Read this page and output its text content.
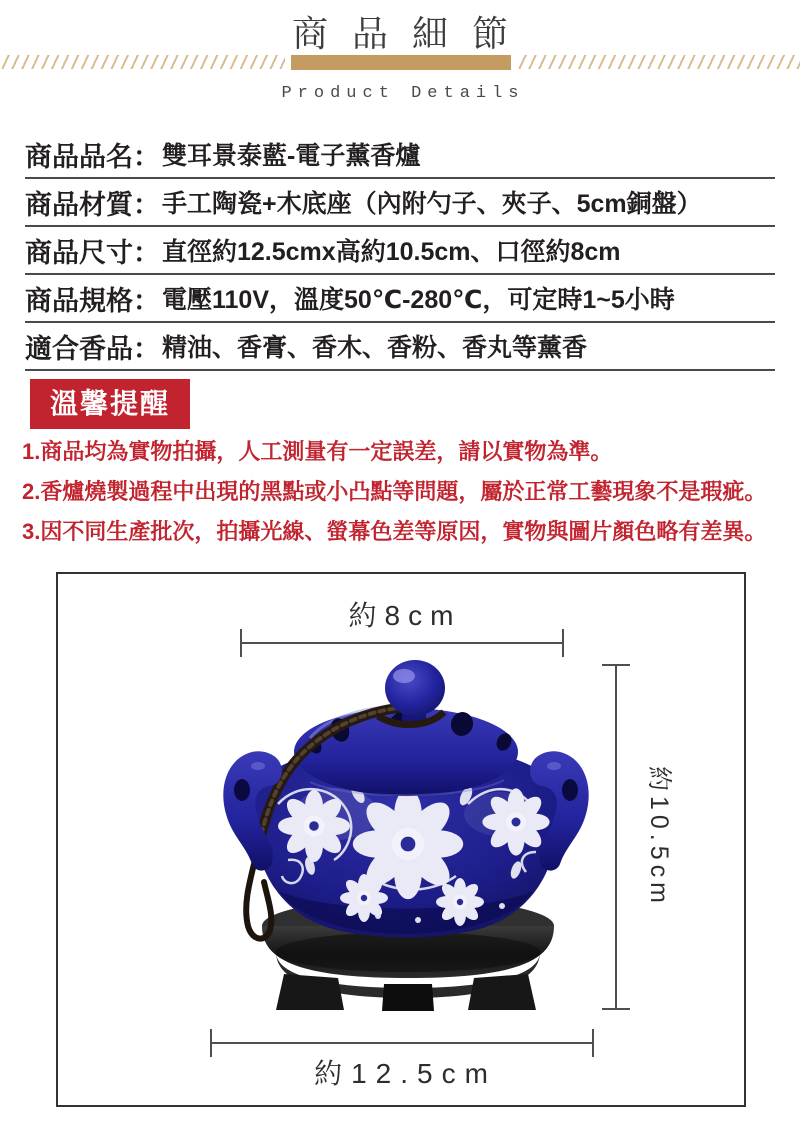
商品細節
Product Details
商品品名 ： 雙耳景泰藍-電子薰香爐
商品材質 ： 手工陶瓷+木底座（內附勺子、夾子、5cm銅盤）
商品尺寸 ： 直徑約12.5cmx高約10.5cm、口徑約8cm
商品規格 ： 電壓110V，溫度50℃-280℃，可定時1~5小時
適合香品 ： 精油、香膏、香木、香粉、香丸等薰香
溫馨提醒
1.商品均為實物拍攝，人工測量有一定誤差，請以實物為準。
2.香爐燒製過程中出現的黑點或小凸點等問題，屬於正常工藝現象不是瑕疵。
3.因不同生產批次，拍攝光線、螢幕色差等原因，實物與圖片顏色略有差異。
約8cm
約10.5cm
約12.5cm
